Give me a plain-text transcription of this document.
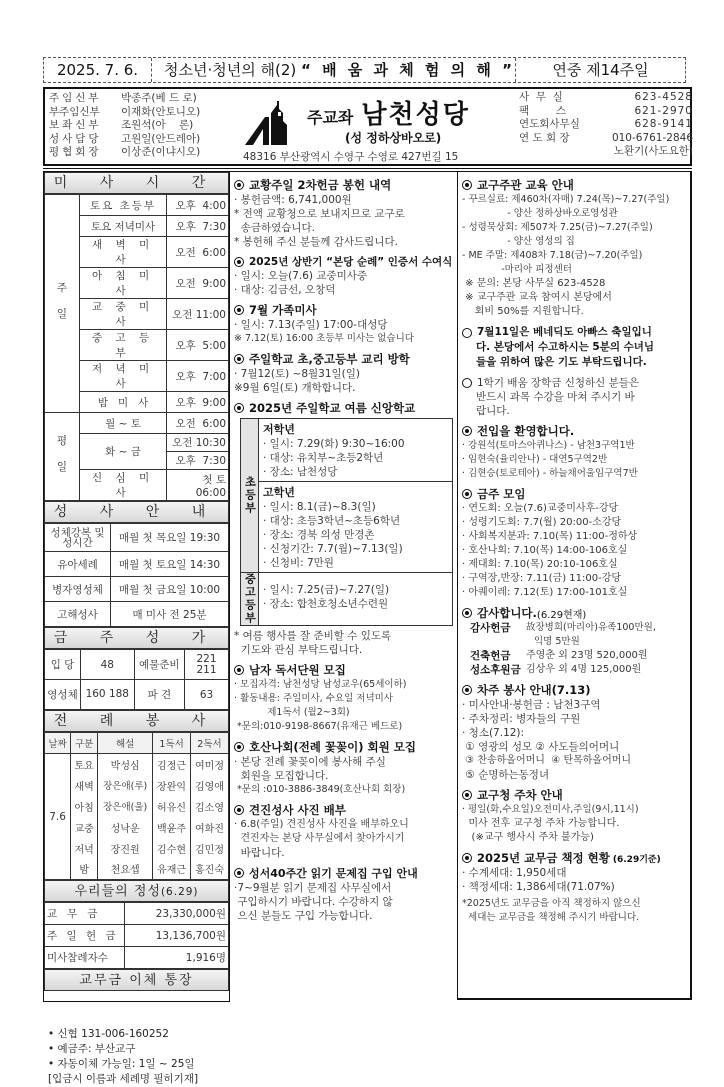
2025. 7. 6.	청소년·청년의 해(2) “ 배 움 과 체 험 의 해 ”	연중 제14주일
주임신부	박종주(베 드 로)
부주임신부	이재화(안토니오)
보좌신부	조원석(아    론)
성사담당	고원일(안드레아)
평협회장	이상준(이냐시오)
주교좌 남천성당
(성 정하상바오로)
48316 부산광역시 수영구 수영로 427번길 15
사  무  실	623-4528
팩        스	621-2970
연도회사무실	628-9141
연 도 회 장	010-6761-2846
노환기(사도요한)
미 사 시 간
주 일	토요 초등부	오후  4:00
	토요 저녁미사	오후  7:30
	새 벽 미 사	오전  6:00
	아 침 미 사	오전  9:00
	교 중 미 사	오전 11:00
	중 고 등 부	오후  5:00
	저 녁 미 사	오후  7:00
	밤   미   사	오후  9:00
평 일	월 ~ 토	오전  6:00
	화 ~ 금	오전 10:30
		오후  7:30
	신 심 미 사	첫 토 06:00
성 사 안 내
성체강복 및 성시간	매월 첫 목요일 19:30
유아세례	매월 첫 토요일 14:30
병자영성체	매월 첫 금요일 10:00
고해성사	매 미사 전 25분
금 주 성 가
입 당	48	예물준비	221 211
영성체	160 188	파 견	63
전 례 봉 사
날짜	구분	해설	1독서	2독서
7.6	토요	박성심	김정근	여미정
	새벽	장은애(루)	장완익	김영애
	아침	장은애(울)	허유신	김소영
	교중	성낙운	백윤주	여화진
	저녁	장진원	김수현	김민정
	밤	천요셉	유재근	홍진숙
우리들의 정성(6.29)
교   무   금	23,330,000원
주 일 헌 금	13,136,700원
미사참례자수	1,916명
교무금 이체 통장
• 신협 131-006-160252
• 예금주: 부산교구
• 자동이체 가능일: 1일 ~ 25일
[입금시 이름과 세례명 필히기재]
교황주일 2차헌금 봉헌 내역
· 봉헌금액: 6,741,000원
* 전액 교황청으로 보내지므로 교구로
송금하였습니다.
* 봉헌해 주신 분들께 감사드립니다.
2025년 상반기 “본당 순례” 인증서 수여식
· 일시: 오늘(7.6) 교중미사중
· 대상: 김금선, 오창덕
7월 가족미사
· 일시: 7.13(주일) 17:00-대성당
※ 7.12(토) 16:00 초등부 미사는 없습니다
주일학교 초,중고등부 교리 방학
· 7월12(토) ~8월31일(일)
※9월 6일(토) 개학합니다.
2025년 주일학교 여름 신앙학교
초등부
저학년
· 일시: 7.29(화) 9:30~16:00
· 대상: 유치부~초등2학년
· 장소: 남천성당
고학년
· 일시: 8.1(금)~8.3(일)
· 대상: 초등3학년~초등6학년
· 장소: 경북 의성 만경촌
· 신청기간: 7.7(월)~7.13(일)
· 신청비: 7만원
중고등부 · 일시: 7.25(금)~7.27(일)
· 장소: 합천호청소년수련원
* 여름 행사를 잘 준비할 수 있도록
기도와 관심 부탁드립니다.
남자 독서단원 모집
· 모집자격: 남천성당 남성교우(65세이하)
· 활동내용: 주일미사, 수요일 저녁미사
제1독서 (월2~3회)
*문의:010-9198-8667(유재근 베드로)
호산나회(전례 꽃꽂이) 회원 모집
· 본당 전례 꽃꽂이에 봉사해 주실
회원을 모집합니다.
*문의 :010-3886-3849(호산나회 회장)
견진성사 사진 배부
· 6.8(주일) 견진성사 사진을 배부하오니
견진자는 본당 사무실에서 찾아가시기
바랍니다.
성서40주간 읽기 문제집 구입 안내
·7~9월분 읽기 문제집 사무실에서
구입하시기 바랍니다. 수강하지 않
으신 분들도 구입 가능합니다.
교구주관 교육 안내
- 꾸르실료: 제460차(자매) 7.24(목)~7.27(주일)
- 양산 정하상바오로영성관
- 성령묵상회: 제507차 7.25(금)~7.27(주일)
- 양산 영성의 집
- ME 주말: 제408차 7.18(금)~7.20(주일)
-마리아 피정센터
※ 문의: 본당 사무실 623-4528
※ 교구주관 교육 참여시 본당에서
회비 50%를 지원합니다.
7월11일은 베네딕도 아빠스 축일입니
다. 본당에서 수고하시는 5분의 수녀님
들을 위하여 많은 기도 부탁드립니다.
1학기 배움 장학금 신청하신 분들은
반드시 과목 수강을 마쳐 주시기 바
랍니다.
전입을 환영합니다.
· 강원석(토마스아퀴나스) - 남천3구역1반
· 임현숙(율리안나) - 대연5구역2반
· 김현승(토로테아) - 하늘채어울임구역7반
금주 모임
· 연도회: 오늘(7.6)교중미사후-강당
· 성령기도회: 7.7(월) 20:00-소강당
· 사회복지분과: 7.10(목) 11:00-정하상
· 호산나회: 7.10(목) 14:00-106호실
· 제대회: 7.10(목) 20:10-106호실
· 구역장,반장: 7.11(금) 11:00-강당
· 아퀘이레: 7.12(토) 17:00-101호실
감사합니다. (6.29현재)
감사헌금	故장병희(마리아)유족100만원,
익명 5만원
건축헌금	주영춘 외 23명 520,000원
성소후원금 김상우 외 4명 125,000원
차주 봉사 안내(7.13)
· 미사안내·봉헌금 : 남천3구역
· 주차정리: 병자들의 구원
· 청소(7.12):
① 영광의 성모 ② 사도들의어머니
③ 찬송하올어머니  ④ 탄목하올어머니
⑤ 순명하는동정녀
교구청 주차 안내
· 평일(화,수요일)오전미사,주일(9시,11시)
미사 전후 교구청 주차 가능합니다.
(※교구 행사시 주차 불가능)
2025년 교무금 책정 현황 (6.29기준)
· 수계세대: 1,950세대
· 책정세대: 1,386세대(71.07%)
*2025년도 교무금을 아직 책정하지 않으신
세대는 교무금을 책정해 주시기 바랍니다.
